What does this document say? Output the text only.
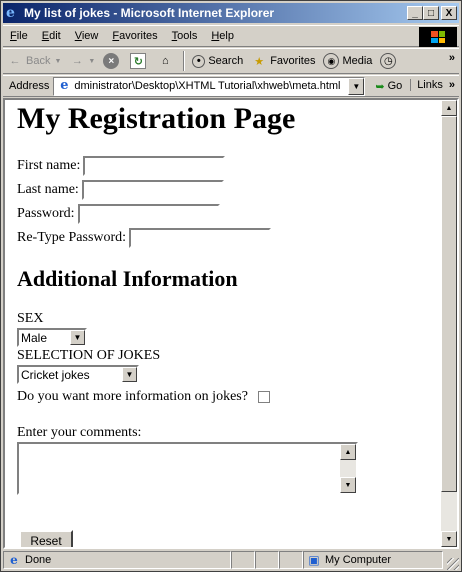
e My list of jokes - Microsoft Internet Explorer	_	□	X
File	Edit	View	Favorites	Tools	Help
← Back ▼ → ▼	×	↻	⌂	• Search ★ Favorites	◉ Media	◷	»
Address e dministrator\Desktop\XHTML Tutorial\xhweb\meta.html	▼	➥ Go Links »
My Registration Page
First name:
Last name:
Password:
Re-Type Password:
Additional Information
SEX
Male	▼
SELECTION OF JOKES
Cricket jokes	▼
Do you want more information on jokes?
Enter your comments:
▲
▼
Reset
▲
▼
e Done	▣ My Computer
